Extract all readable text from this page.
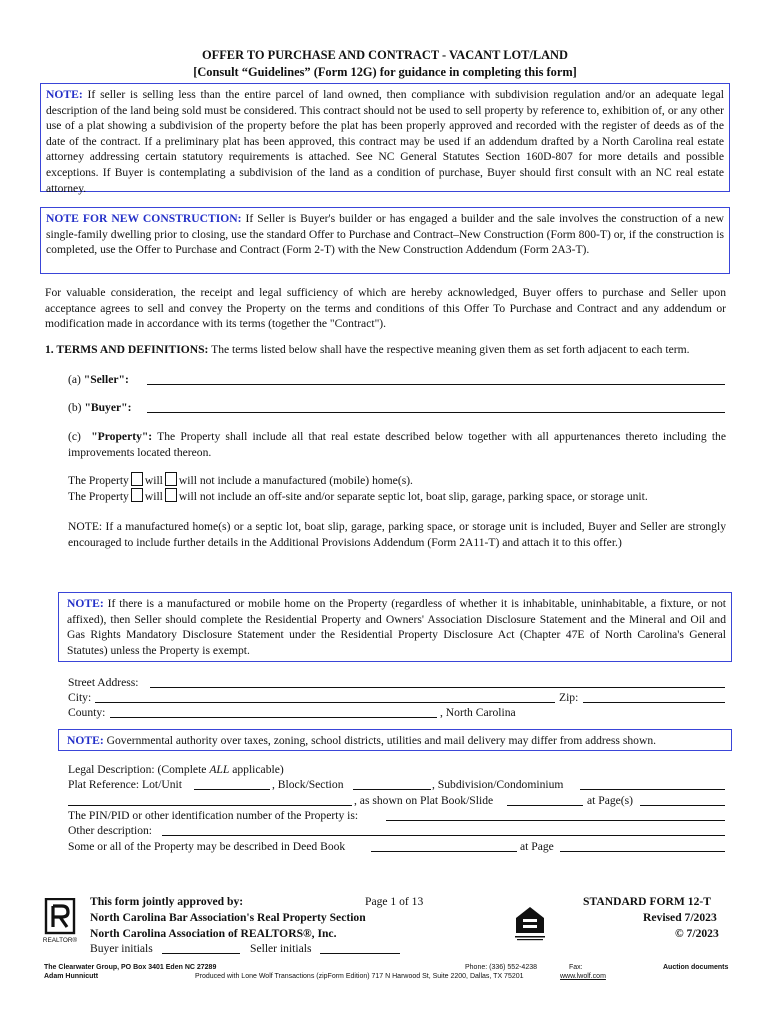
OFFER TO PURCHASE AND CONTRACT - VACANT LOT/LAND
[Consult “Guidelines” (Form 12G) for guidance in completing this form]
NOTE: If seller is selling less than the entire parcel of land owned, then compliance with subdivision regulation and/or an adequate legal description of the land being sold must be considered. This contract should not be used to sell property by reference to, exhibition of, or any other use of a plat showing a subdivision of the property before the plat has been properly approved and recorded with the register of deeds as of the date of the contract. If a preliminary plat has been approved, this contract may be used if an addendum drafted by a North Carolina real estate attorney addressing certain statutory requirements is attached. See NC General Statutes Section 160D-807 for more details and possible exceptions. If Buyer is contemplating a subdivision of the land as a condition of purchase, Buyer should first consult with an NC real estate attorney.
NOTE FOR NEW CONSTRUCTION: If Seller is Buyer's builder or has engaged a builder and the sale involves the construction of a new single-family dwelling prior to closing, use the standard Offer to Purchase and Contract–New Construction (Form 800-T) or, if the construction is completed, use the Offer to Purchase and Contract (Form 2-T) with the New Construction Addendum (Form 2A3-T).
For valuable consideration, the receipt and legal sufficiency of which are hereby acknowledged, Buyer offers to purchase and Seller upon acceptance agrees to sell and convey the Property on the terms and conditions of this Offer To Purchase and Contract and any addendum or modification made in accordance with its terms (together the "Contract").
1. TERMS AND DEFINITIONS: The terms listed below shall have the respective meaning given them as set forth adjacent to each term.
(a) "Seller":
(b) "Buyer":
(c) "Property": The Property shall include all that real estate described below together with all appurtenances thereto including the improvements located thereon.
The Property will will not include a manufactured (mobile) home(s).
The Property will will not include an off-site and/or separate septic lot, boat slip, garage, parking space, or storage unit.
NOTE: If a manufactured home(s) or a septic lot, boat slip, garage, parking space, or storage unit is included, Buyer and Seller are strongly encouraged to include further details in the Additional Provisions Addendum (Form 2A11-T) and attach it to this offer.)
NOTE: If there is a manufactured or mobile home on the Property (regardless of whether it is inhabitable, uninhabitable, a fixture, or not affixed), then Seller should complete the Residential Property and Owners' Association Disclosure Statement and the Mineral and Oil and Gas Rights Mandatory Disclosure Statement under the Residential Property Disclosure Act (Chapter 47E of North Carolina's General Statutes) unless the Property is exempt.
Street Address:
City:	Zip:
County:	, North Carolina
NOTE: Governmental authority over taxes, zoning, school districts, utilities and mail delivery may differ from address shown.
Legal Description: (Complete ALL applicable)
Plat Reference: Lot/Unit	, Block/Section	, Subdivision/Condominium
, as shown on Plat Book/Slide	at Page(s)
The PIN/PID or other identification number of the Property is:
Other description:
Some or all of the Property may be described in Deed Book	at Page
REALTOR®
This form jointly approved by:	Page 1 of 13
North Carolina Bar Association's Real Property Section
North Carolina Association of REALTORS®, Inc.
Buyer initials	Seller initials
STANDARD FORM 12-T
Revised 7/2023
© 7/2023
The Clearwater Group, PO Box 3401 Eden NC 27289	Phone: (336) 552-4238	Fax:	Auction documents
Adam Hunnicutt	Produced with Lone Wolf Transactions (zipForm Edition) 717 N Harwood St, Suite 2200, Dallas, TX 75201	www.lwolf.com
